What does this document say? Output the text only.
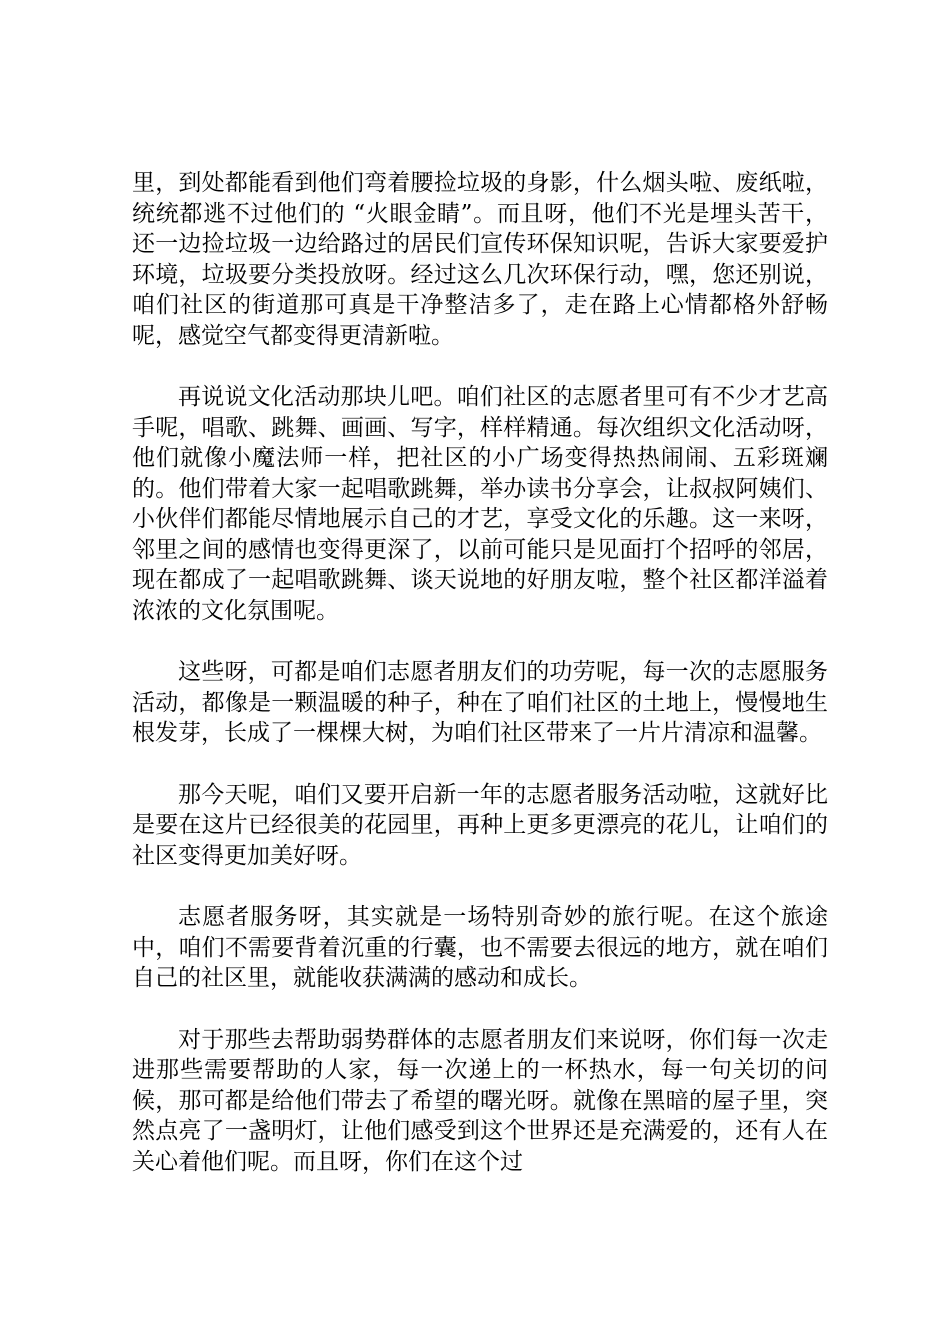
里，到处都能看到他们弯着腰捡垃圾的身影，什么烟头啦、废纸啦，统统都逃不过他们的 “火眼金睛”。而且呀，他们不光是埋头苦干，还一边捡垃圾一边给路过的居民们宣传环保知识呢，告诉大家要爱护环境，垃圾要分类投放呀。经过这么几次环保行动，嘿，您还别说，咱们社区的街道那可真是干净整洁多了，走在路上心情都格外舒畅呢，感觉空气都变得更清新啦。

再说说文化活动那块儿吧。咱们社区的志愿者里可有不少才艺高手呢，唱歌、跳舞、画画、写字，样样精通。每次组织文化活动呀，他们就像小魔法师一样，把社区的小广场变得热热闹闹、五彩斑斓的。他们带着大家一起唱歌跳舞，举办读书分享会，让叔叔阿姨们、小伙伴们都能尽情地展示自己的才艺，享受文化的乐趣。这一来呀，邻里之间的感情也变得更深了，以前可能只是见面打个招呼的邻居，现在都成了一起唱歌跳舞、谈天说地的好朋友啦，整个社区都洋溢着浓浓的文化氛围呢。

这些呀，可都是咱们志愿者朋友们的功劳呢，每一次的志愿服务活动，都像是一颗温暖的种子，种在了咱们社区的土地上，慢慢地生根发芽，长成了一棵棵大树，为咱们社区带来了一片片清凉和温馨。

那今天呢，咱们又要开启新一年的志愿者服务活动啦，这就好比是要在这片已经很美的花园里，再种上更多更漂亮的花儿，让咱们的社区变得更加美好呀。

志愿者服务呀，其实就是一场特别奇妙的旅行呢。在这个旅途中，咱们不需要背着沉重的行囊，也不需要去很远的地方，就在咱们自己的社区里，就能收获满满的感动和成长。

对于那些去帮助弱势群体的志愿者朋友们来说呀，你们每一次走进那些需要帮助的人家，每一次递上的一杯热水，每一句关切的问候，那可都是给他们带去了希望的曙光呀。就像在黑暗的屋子里，突然点亮了一盏明灯，让他们感受到这个世界还是充满爱的，还有人在关心着他们呢。而且呀，你们在这个过
